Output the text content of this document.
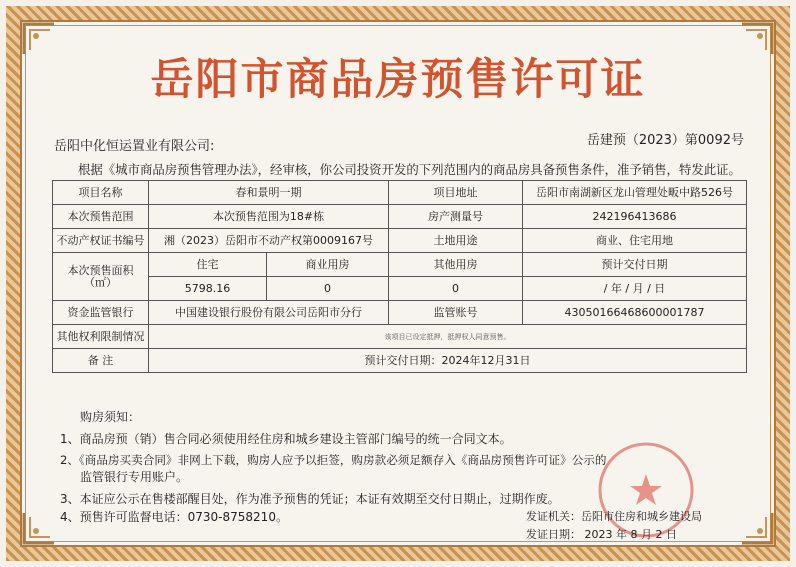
岳阳市商品房预售许可证
岳阳中化恒运置业有限公司:	岳建预（2023）第0092号
根据《城市商品房预售管理办法》，经审核，你公司投资开发的下列范围内的商品房具备预售条件，准予销售，特发此证。
项目名称	春和景明一期		项目地址	岳阳市南湖新区龙山管理处畈中路526号
本次预售范围	本次预售范围为18#栋		房产测量号	242196413686
不动产权证书编号	湘（2023）岳阳市不动产权第0009167号		土地用途	商业、住宅用地
本次预售面积（㎡）	住宅	商业用房	其他用房	预计交付日期
	5798.16	0	0	/ 年 / 月 / 日
资金监管银行	中国建设银行股份有限公司岳阳市分行		监管账号	43050166468600001787
其他权利限制情况	该项目已设定抵押，抵押权人同意预售。			
备 注	预计交付日期：2024年12月31日			
购房须知：
1、商品房预（销）售合同必须使用经住房和城乡建设主管部门编号的统一合同文本。
2、《商品房买卖合同》非网上下载，购房人应予以拒签，购房款必须足额存入《商品房预售许可证》公示的
监管银行专用账户。
3、本证应公示在售楼部醒目处，作为准予预售的凭证；本证有效期至交付日期止，过期作废。
4、预售许可监督电话：0730-8758210。	发证机关：岳阳市住房和城乡建设局
发证日期： 2023 年 8 月 2 日
